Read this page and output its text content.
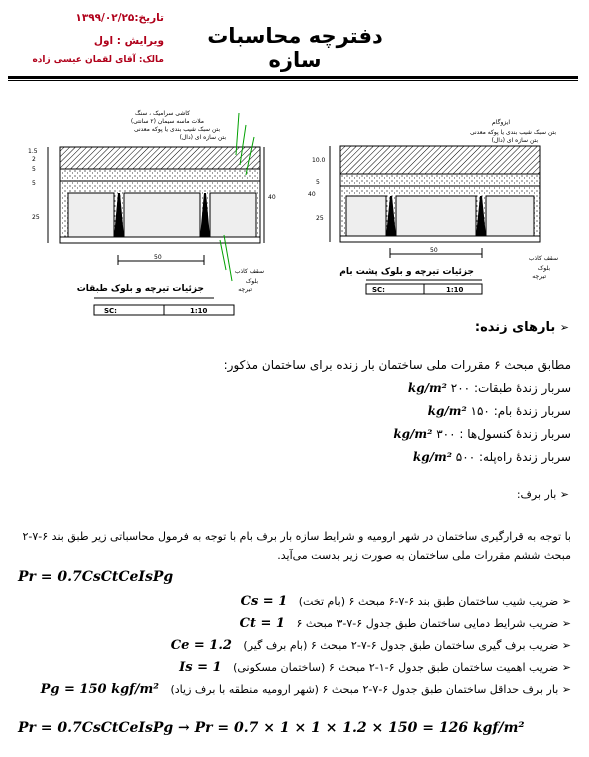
دفترچه محاسبات سازه
تاریخ:۱۳۹۹/۰۲/۲۵
ویرایش : اول
مالک: آقای لقمان عیسی زاده
کاشی سرامیک ، سنگ
ملات ماسه سیمان (۲ سانتی)
بتن سبک شیب بندی یا پوکه معدنی
بتن سازه ای (دال)
سقف کاذب
بلوک
تیرچه
1.5
2
5
5
25
40
50
جزئیات تیرچه و بلوک طبقات
SC:	1:10
ایزوگام
بتن سبک شیب بندی یا پوکه معدنی
بتن سازه ای (دال)
سقف کاذب
بلوک
تیرچه
10.0
5
25
40
50
جزئیات تیرچه و بلوک پشت بام
SC:	1:10
➢ بارهای زنده:
مطابق مبحث ۶ مقررات ملی ساختمان بار زنده برای ساختمان مذکور:
سربار زندهٔ طبقات: ۲۰۰ kg/m²
سربار زندهٔ بام: ۱۵۰ kg/m²
سربار زندهٔ کنسول‌ها : ۳۰۰ kg/m²
سربار زندهٔ راه‌پله: ۵۰۰ kg/m²
➢ بار برف:
با توجه به قرارگیری ساختمان در شهر ارومیه و شرایط سازه بار برف بام با توجه به فرمول محاسباتی زیر طبق بند ۶-۷-۲
مبحث ششم مقررات ملی ساختمان به صورت زیر بدست می‌آید.
Pr = 0.7CsCtCeIsPg
➢ ضریب شیب ساختمان طبق بند ۶-۷-۶ مبحث ۶ (بام تخت) Cs = 1
➢ ضریب شرایط دمایی ساختمان طبق جدول ۶-۷-۳ مبحث ۶ Ct = 1
➢ ضریب برف گیری ساختمان طبق جدول ۶-۷-۲ مبحث ۶ (بام برف گیر) Ce = 1.2
➢ ضریب اهمیت ساختمان طبق جدول ۶-۱-۲ مبحث ۶ (ساختمان مسکونی) Is = 1
➢ بار برف حداقل ساختمان طبق جدول ۶-۷-۲ مبحث ۶ (شهر ارومیه منطقه با برف زیاد) Pg = 150 kgf/m²
Pr = 0.7CsCtCeIsPg → Pr = 0.7 × 1 × 1 × 1.2 × 150 = 126 kgf/m²
